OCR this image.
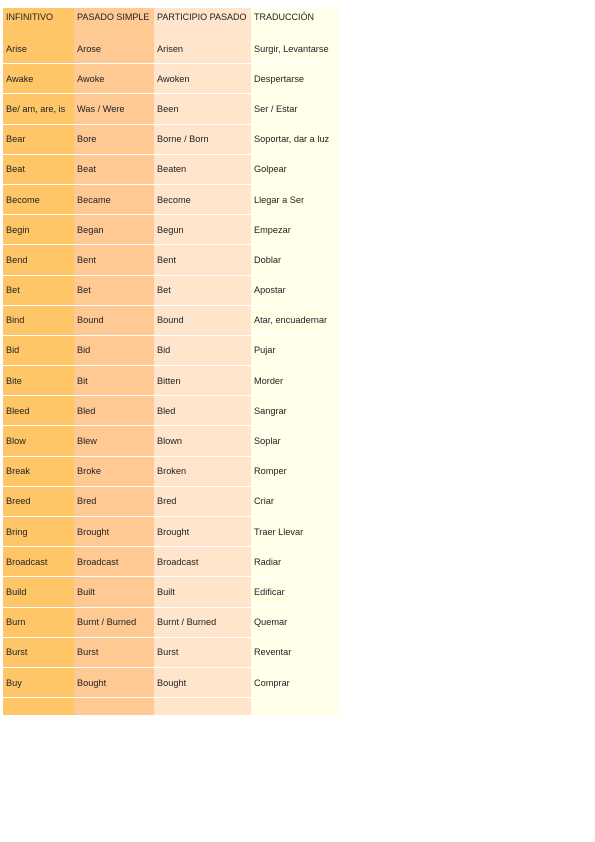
INFINITIVO	PASADO SIMPLE	PARTICIPIO PASADO	TRADUCCIÓN
Arise	Arose	Arisen	Surgir, Levantarse
Awake	Awoke	Awoken	Despertarse
Be/ am, are, is	Was / Were	Been	Ser / Estar
Bear	Bore	Borne / Born	Soportar, dar a luz
Beat	Beat	Beaten	Golpear
Become	Became	Become	Llegar a Ser
Begin	Began	Begun	Empezar
Bend	Bent	Bent	Doblar
Bet	Bet	Bet	Apostar
Bind	Bound	Bound	Atar, encuadernar
Bid	Bid	Bid	Pujar
Bite	Bit	Bitten	Morder
Bleed	Bled	Bled	Sangrar
Blow	Blew	Blown	Soplar
Break	Broke	Broken	Romper
Breed	Bred	Bred	Criar
Bring	Brought	Brought	Traer Llevar
Broadcast	Broadcast	Broadcast	Radiar
Build	Built	Built	Edificar
Burn	Burnt / Burned	Burnt / Burned	Quemar
Burst	Burst	Burst	Reventar
Buy	Bought	Bought	Comprar
